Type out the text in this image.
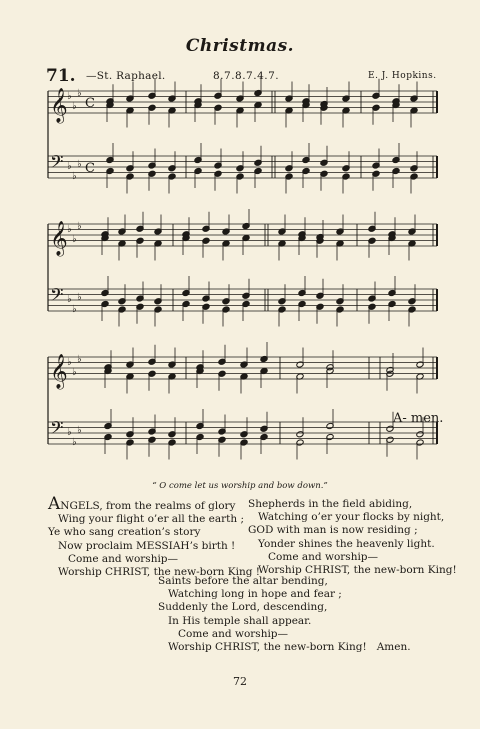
Christmas.
71. —St. Raphael.	8.7.8.7.4.7.	E. J. Hopkins.
𝄞 ♭
♭
♭
C
𝄢 ♭
♭
♭ C
𝄞 ♭
♭
♭
𝄢 ♭
♭
♭
𝄞 ♭
♭
♭
𝄢 ♭
♭
♭
A- men.
“ O come let us worship and bow down.”
ANGELS, from the realms of glory
Wing your flight o’er all the earth ;
Ye who sang creation’s story
Now proclaim MESSIAH’s birth !
Come and worship—
Worship CHRIST, the new-born King !
Shepherds in the field abiding,
Watching o’er your flocks by night,
GOD with man is now residing ;
Yonder shines the heavenly light.
Come and worship—
Worship CHRIST, the new-born King!
Saints before the altar bending,
Watching long in hope and fear ;
Suddenly the Lord, descending,
In His temple shall appear.
Come and worship—
Worship CHRIST, the new-born King!   Amen.
72
